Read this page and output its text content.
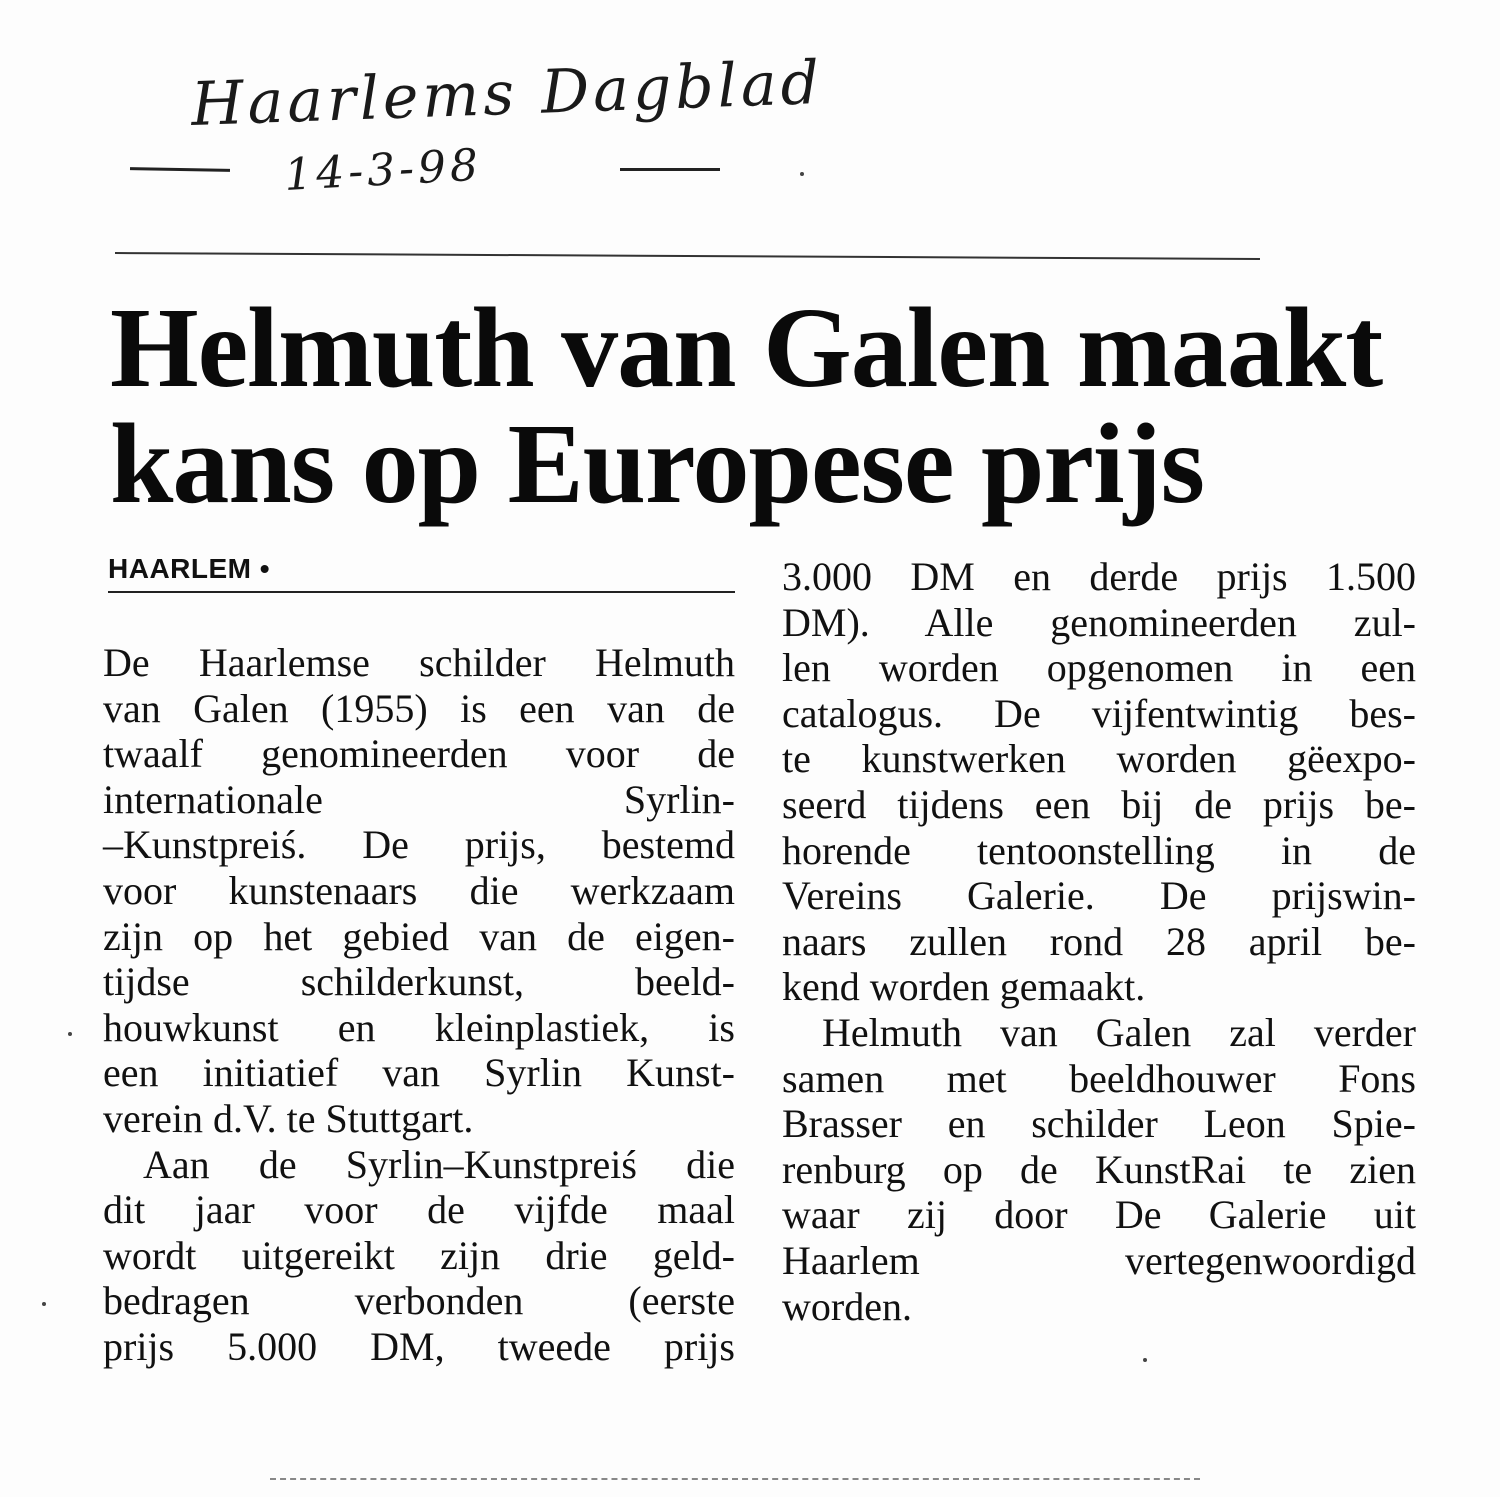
Haarlems Dagblad
14-3-98
Helmuth van Galen maakt
kans op Europese prijs
HAARLEM •
De Haarlemse schilder Helmuth
van Galen (1955) is een van de
twaalf genomineerden voor de
internationale Syrlin-
–Kunstpreiś. De prijs, bestemd
voor kunstenaars die werkzaam
zijn op het gebied van de eigen-
tijdse schilderkunst, beeld-
houwkunst en kleinplastiek, is
een initiatief van Syrlin Kunst-
verein d.V. te Stuttgart.
Aan de Syrlin–Kunstpreiś die
dit jaar voor de vijfde maal
wordt uitgereikt zijn drie geld-
bedragen verbonden (eerste
prijs 5.000 DM, tweede prijs
3.000 DM en derde prijs 1.500
DM). Alle genomineerden zul-
len worden opgenomen in een
catalogus. De vijfentwintig bes-
te kunstwerken worden gëexpo-
seerd tijdens een bij de prijs be-
horende tentoonstelling in de
Vereins Galerie. De prijswin-
naars zullen rond 28 april be-
kend worden gemaakt.
Helmuth van Galen zal verder
samen met beeldhouwer Fons
Brasser en schilder Leon Spie-
renburg op de KunstRai te zien
waar zij door De Galerie uit
Haarlem vertegenwoordigd
worden.
